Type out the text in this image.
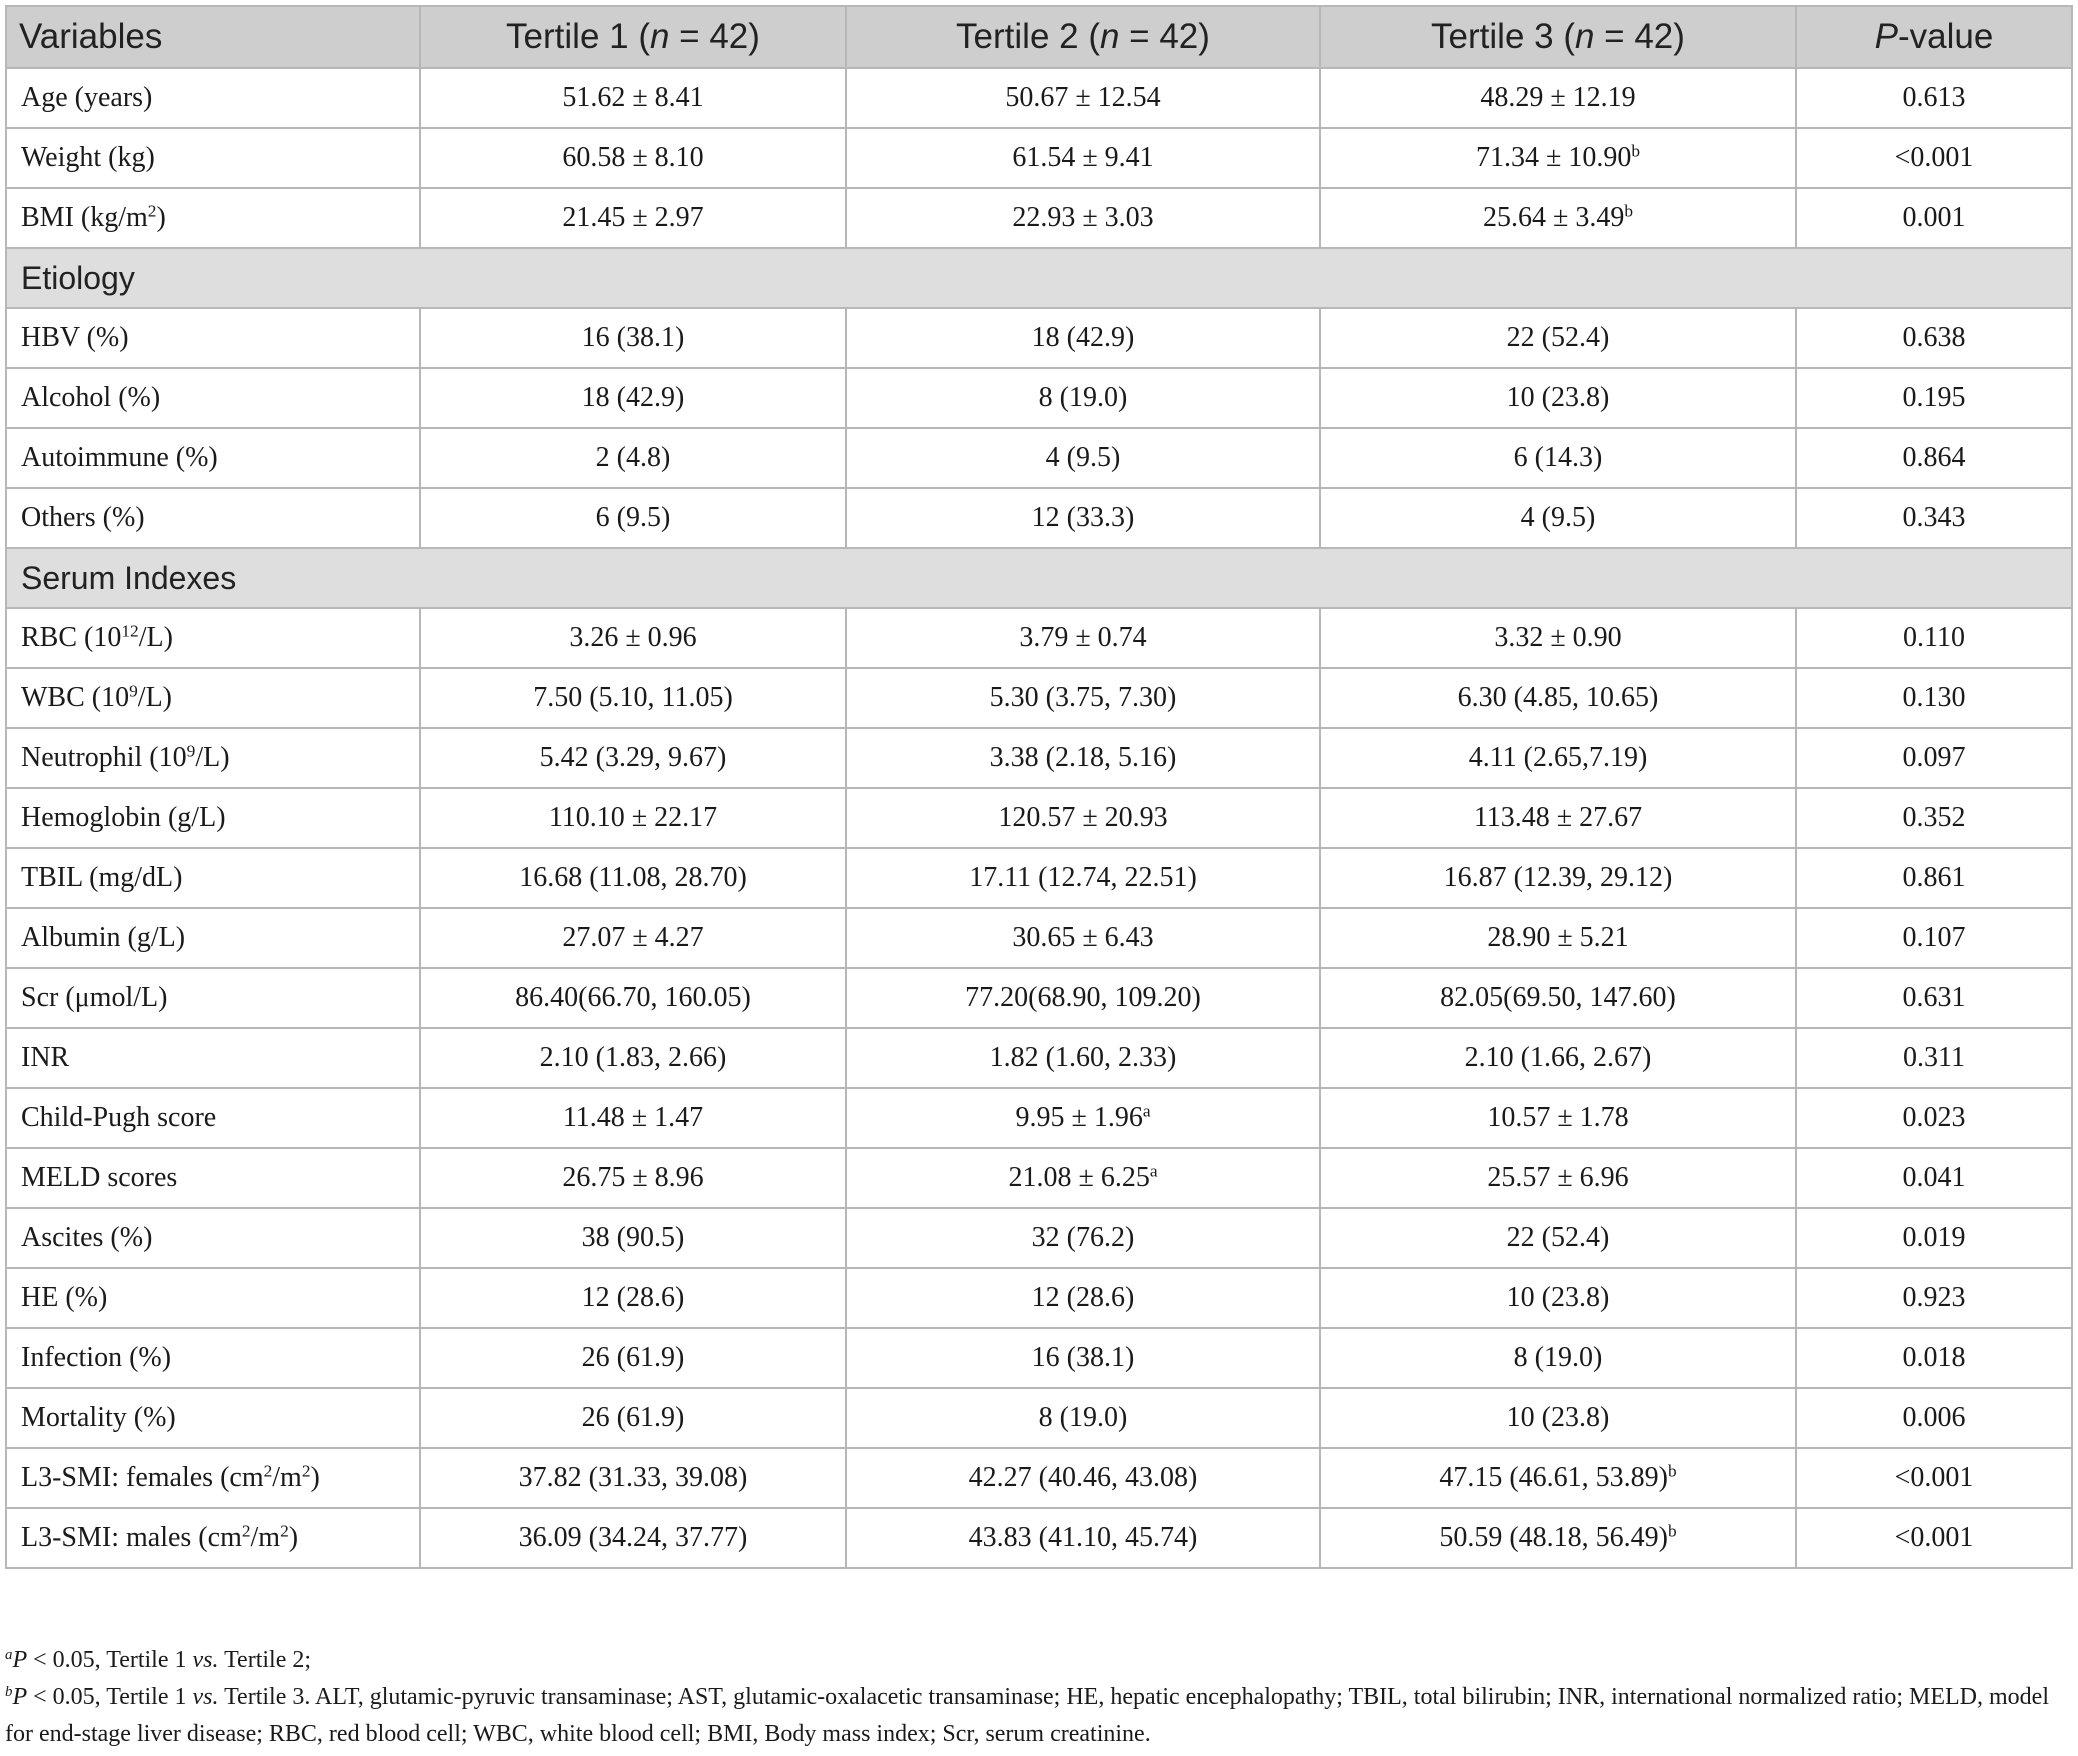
Variables	Tertile 1 (n = 42)	Tertile 2 (n = 42)	Tertile 3 (n = 42)	P-value
Age (years)	51.62 ± 8.41	50.67 ± 12.54	48.29 ± 12.19	0.613
Weight (kg)	60.58 ± 8.10	61.54 ± 9.41	71.34 ± 10.90$^b$	<0.001
BMI $(kg/m^2)$	21.45 ± 2.97	22.93 ± 3.03	25.64 ± 3.49$^b$	0.001
Etiology				
HBV (%)	16 (38.1)	18 (42.9)	22 (52.4)	0.638
Alcohol (%)	18 (42.9)	8 (19.0)	10 (23.8)	0.195
Autoimmune (%)	2 (4.8)	4 (9.5)	6 (14.3)	0.864
Others (%)	6 (9.5)	12 (33.3)	4 (9.5)	0.343
Serum Indexes				
RBC $(10^{12}/L)$	3.26 ± 0.96	3.79 ± 0.74	3.32 ± 0.90	0.110
WBC $(10^9/L)$	7.50 (5.10, 11.05)	5.30 (3.75, 7.30)	6.30 (4.85, 10.65)	0.130
Neutrophil $(10^9/L)$	5.42 (3.29, 9.67)	3.38 (2.18, 5.16)	4.11 (2.65,7.19)	0.097
Hemoglobin (g/L)	110.10 ± 22.17	120.57 ± 20.93	113.48 ± 27.67	0.352
TBIL (mg/dL)	16.68 (11.08, 28.70)	17.11 (12.74, 22.51)	16.87 (12.39, 29.12)	0.861
Albumin (g/L)	27.07 ± 4.27	30.65 ± 6.43	28.90 ± 5.21	0.107
Scr (μmol/L)	86.40(66.70, 160.05)	77.20(68.90, 109.20)	82.05(69.50, 147.60)	0.631
INR	2.10 (1.83, 2.66)	1.82 (1.60, 2.33)	2.10 (1.66, 2.67)	0.311
Child-Pugh score	11.48 ± 1.47	9.95 ± 1.96$^a$	10.57 ± 1.78	0.023
MELD scores	26.75 ± 8.96	21.08 ± 6.25$^a$	25.57 ± 6.96	0.041
Ascites (%)	38 (90.5)	32 (76.2)	22 (52.4)	0.019
HE (%)	12 (28.6)	12 (28.6)	10 (23.8)	0.923
Infection (%)	26 (61.9)	16 (38.1)	8 (19.0)	0.018
Mortality (%)	26 (61.9)	8 (19.0)	10 (23.8)	0.006
L3-SMI: females $(cm^2/m^2)$	37.82 (31.33, 39.08)	42.27 (40.46, 43.08)	47.15 (46.61, 53.89)$^b$	<0.001
L3-SMI: males $(cm^2/m^2)$	36.09 (34.24, 37.77)	43.83 (41.10, 45.74)	50.59 (48.18, 56.49)$^b$	<0.001

$^a$P < 0.05, Tertile 1 vs. Tertile 2;

$^b$P < 0.05, Tertile 1 vs. Tertile 3. ALT, glutamic-pyruvic transaminase; AST, glutamic-oxalacetic transaminase; HE, hepatic encephalopathy; TBIL, total bilirubin; INR, international normalized ratio; MELD, model for end-stage liver disease; RBC, red blood cell; WBC, white blood cell; BMI, Body mass index; Scr, serum creatinine.
